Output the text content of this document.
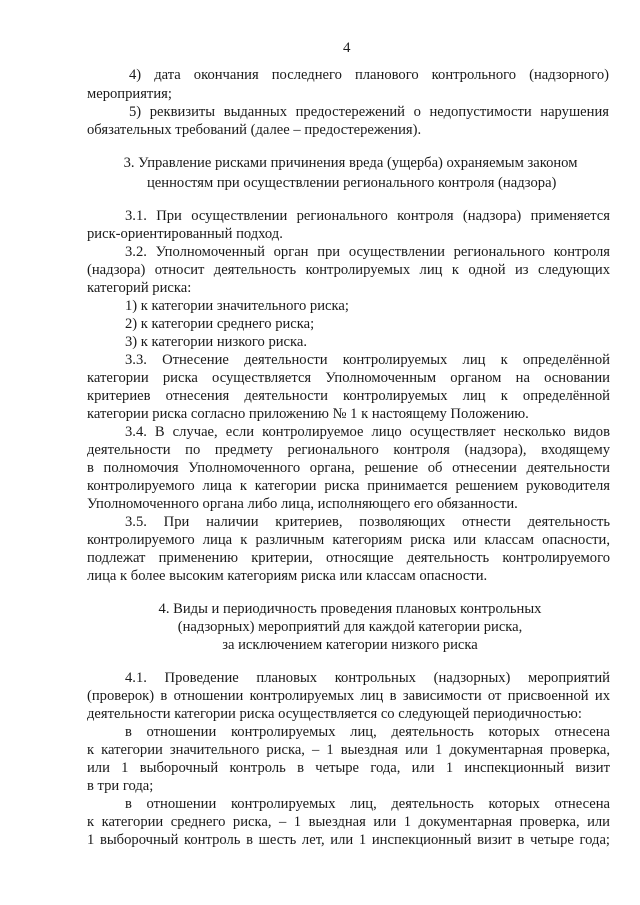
4
4) дата окончания последнего планового контрольного (надзорного)
мероприятия;
5) реквизиты выданных предостережений о недопустимости нарушения
обязательных требований (далее – предостережения).
3. Управление рисками причинения вреда (ущерба) охраняемым законом
ценностям при осуществлении регионального контроля (надзора)
3.1. При осуществлении регионального контроля (надзора) применяется
риск-ориентированный подход.
3.2. Уполномоченный орган при осуществлении регионального контроля
(надзора) относит деятельность контролируемых лиц к одной из следующих
категорий риска:
1) к категории значительного риска;
2) к категории среднего риска;
3) к категории низкого риска.
3.3. Отнесение деятельности контролируемых лиц к определённой
категории риска осуществляется Уполномоченным органом на основании
критериев отнесения деятельности контролируемых лиц к определённой
категории риска согласно приложению № 1 к настоящему Положению.
3.4. В случае, если контролируемое лицо осуществляет несколько видов
деятельности по предмету регионального контроля (надзора), входящему
в полномочия Уполномоченного органа, решение об отнесении деятельности
контролируемого лица к категории риска принимается решением руководителя
Уполномоченного органа либо лица, исполняющего его обязанности.
3.5. При наличии критериев, позволяющих отнести деятельность
контролируемого лица к различным категориям риска или классам опасности,
подлежат применению критерии, относящие деятельность контролируемого
лица к более высоким категориям риска или классам опасности.
4. Виды и периодичность проведения плановых контрольных
(надзорных) мероприятий для каждой категории риска,
за исключением категории низкого риска
4.1. Проведение плановых контрольных (надзорных) мероприятий
(проверок) в отношении контролируемых лиц в зависимости от присвоенной их
деятельности категории риска осуществляется со следующей периодичностью:
в отношении контролируемых лиц, деятельность которых отнесена
к категории значительного риска, – 1 выездная или 1 документарная проверка,
или 1 выборочный контроль в четыре года, или 1 инспекционный визит
в три года;
в отношении контролируемых лиц, деятельность которых отнесена
к категории среднего риска, – 1 выездная или 1 документарная проверка, или
1 выборочный контроль в шесть лет, или 1 инспекционный визит в четыре года;
